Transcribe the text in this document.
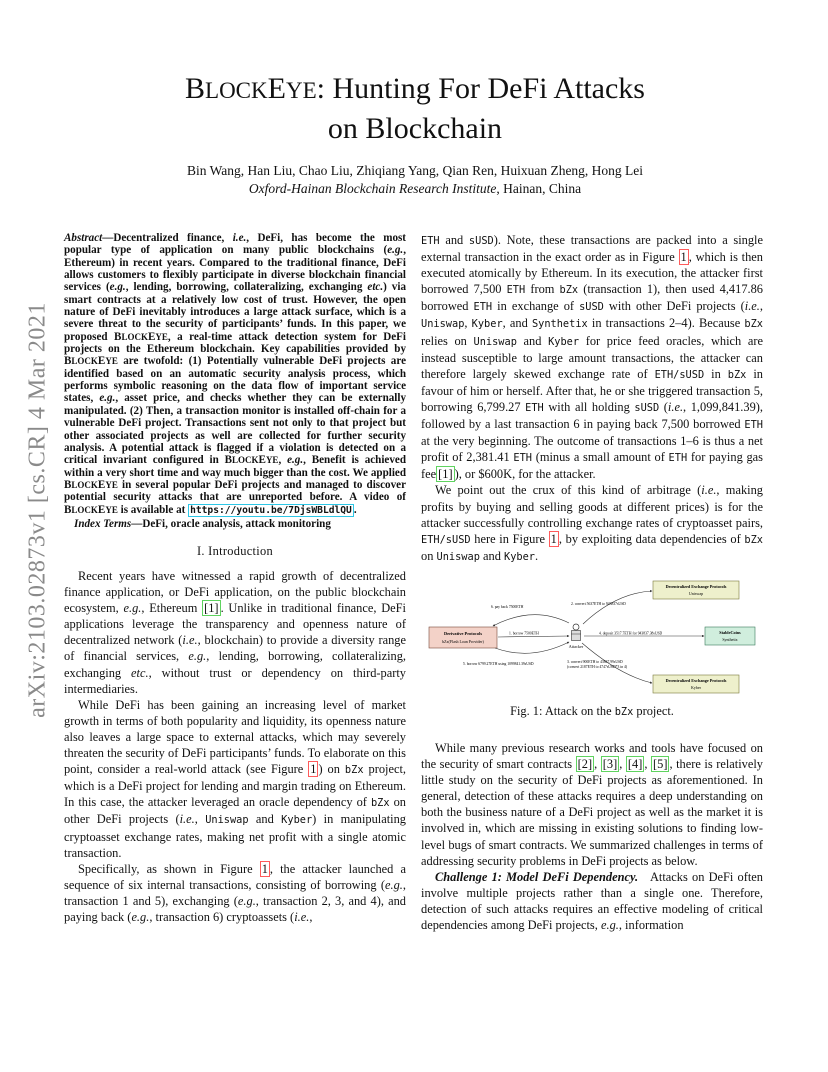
arXiv:2103.02873v1 [cs.CR] 4 Mar 2021
BLOCKEYE: Hunting For DeFi Attacks
on Blockchain
Bin Wang, Han Liu, Chao Liu, Zhiqiang Yang, Qian Ren, Huixuan Zheng, Hong Lei
Oxford-Hainan Blockchain Research Institute, Hainan, China

Abstract—Decentralized finance, i.e., DeFi, has become the most popular type of application on many public blockchains (e.g., Ethereum) in recent years. Compared to the traditional finance, DeFi allows customers to flexibly participate in diverse blockchain financial services (e.g., lending, borrowing, collateralizing, exchanging etc.) via smart contracts at a relatively low cost of trust. However, the open nature of DeFi inevitably introduces a large attack surface, which is a severe threat to the security of participants’ funds. In this paper, we proposed BLOCKEYE, a real-time attack detection system for DeFi projects on the Ethereum blockchain. Key capabilities provided by BLOCKEYE are twofold: (1) Potentially vulnerable DeFi projects are identified based on an automatic security analysis process, which performs symbolic reasoning on the data flow of important service states, e.g., asset price, and checks whether they can be externally manipulated. (2) Then, a transaction monitor is installed off-chain for a vulnerable DeFi project. Transactions sent not only to that project but other associated projects as well are collected for further security analysis. A potential attack is flagged if a violation is detected on a critical invariant configured in BLOCKEYE, e.g., Benefit is achieved within a very short time and way much bigger than the cost. We applied BLOCKEYE in several popular DeFi projects and managed to discover potential security attacks that are unreported before. A video of BLOCKEYE is available at https://youtu.be/7DjsWBLdlQU .

Index Terms—DeFi, oracle analysis, attack monitoring

I. Introduction

Recent years have witnessed a rapid growth of decentralized finance application, or DeFi application, on the public blockchain ecosystem, e.g., Ethereum [1] . Unlike in traditional finance, DeFi applications leverage the transparency and openness nature of decentralized network (i.e., blockchain) to provide a diversity range of financial services, e.g., lending, borrowing, collateralizing, exchanging etc., without trust or dependency on third-party intermediaries.

While DeFi has been gaining an increasing level of market growth in terms of both popularity and liquidity, its openness nature also leaves a large space to external attacks, which may severely threaten the security of DeFi participants’ funds. To elaborate on this point, consider a real-world attack (see Figure 1 ) on bZx project, which is a DeFi project for lending and margin trading on Ethereum. In this case, the attacker leveraged an oracle dependency of bZx on other DeFi projects (i.e., Uniswap and Kyber) in manipulating cryptoasset exchange rates, making net profit with a single atomic transaction.

Specifically, as shown in Figure 1 , the attacker launched a sequence of six internal transactions, consisting of borrowing (e.g., transaction 1 and 5), exchanging (e.g., transaction 2, 3, and 4), and paying back (e.g., transaction 6) cryptoassets (i.e.,

ETH and sUSD). Note, these transactions are packed into a single external transaction in the exact order as in Figure 1 , which is then executed atomically by Ethereum. In its execution, the attacker first borrowed 7,500 ETH from bZx (transaction 1), then used 4,417.86 borrowed ETH in exchange of sUSD with other DeFi projects (i.e., Uniswap, Kyber, and Synthetix in transactions 2–4). Because bZx relies on Uniswap and Kyber for price feed oracles, which are instead susceptible to large amount transactions, the attacker can therefore largely skewed exchange rate of ETH/sUSD in bZx in favour of him or herself. After that, he or she triggered transaction 5, borrowing 6,799.27 ETH with all holding sUSD (i.e., 1,099,841.39), followed by a last transaction 6 in paying back 7,500 borrowed ETH at the very beginning. The outcome of transactions 1–6 is thus a net profit of 2,381.41 ETH (minus a small amount of ETH for paying gas fee [1] ), or $600K, for the attacker.

We point out the crux of this kind of arbitrage (i.e., making profits by buying and selling goods at different prices) is for the attacker successfully controlling exchange rates of cryptoasset pairs, ETH/sUSD here in Figure 1 , by exploiting data dependencies of bZx on Uniswap and Kyber.

Derivative Protocols
bZx(Flash Loan Provider)
Decentralized Exchange Protocols
Uniswap
StableCoins
Synthetix
Decentralized Exchange Protocols
Kyber
Attacker
6. pay back 7500ETH
1. borrow 7500ETH
5. borrow 6799.27ETH using 1099841.39sUSD
2. convert 5637ETH to 943837sUSD
4. deposit 3517.7ETH for 943837.38sUSD
3. convert 900ETH to 43847.99sUSD
(convert 2187ETH to 4747sUSD*3 in 4)

Fig. 1: Attack on the bZx project.

While many previous research works and tools have focused on the security of smart contracts [2] , [3] , [4] , [5] , there is relatively little study on the security of DeFi projects as aforementioned. In general, detection of these attacks requires a deep understanding on both the business nature of a DeFi project as well as the market it is involved in, which are missing in existing solutions to finding low-level bugs of smart contracts. We summarized challenges in terms of addressing security problems in DeFi projects as below.

Challenge 1: Model DeFi Dependency.   Attacks on DeFi often involve multiple projects rather than a single one. Therefore, detection of such attacks requires an effective modeling of critical dependencies among DeFi projects, e.g., information
